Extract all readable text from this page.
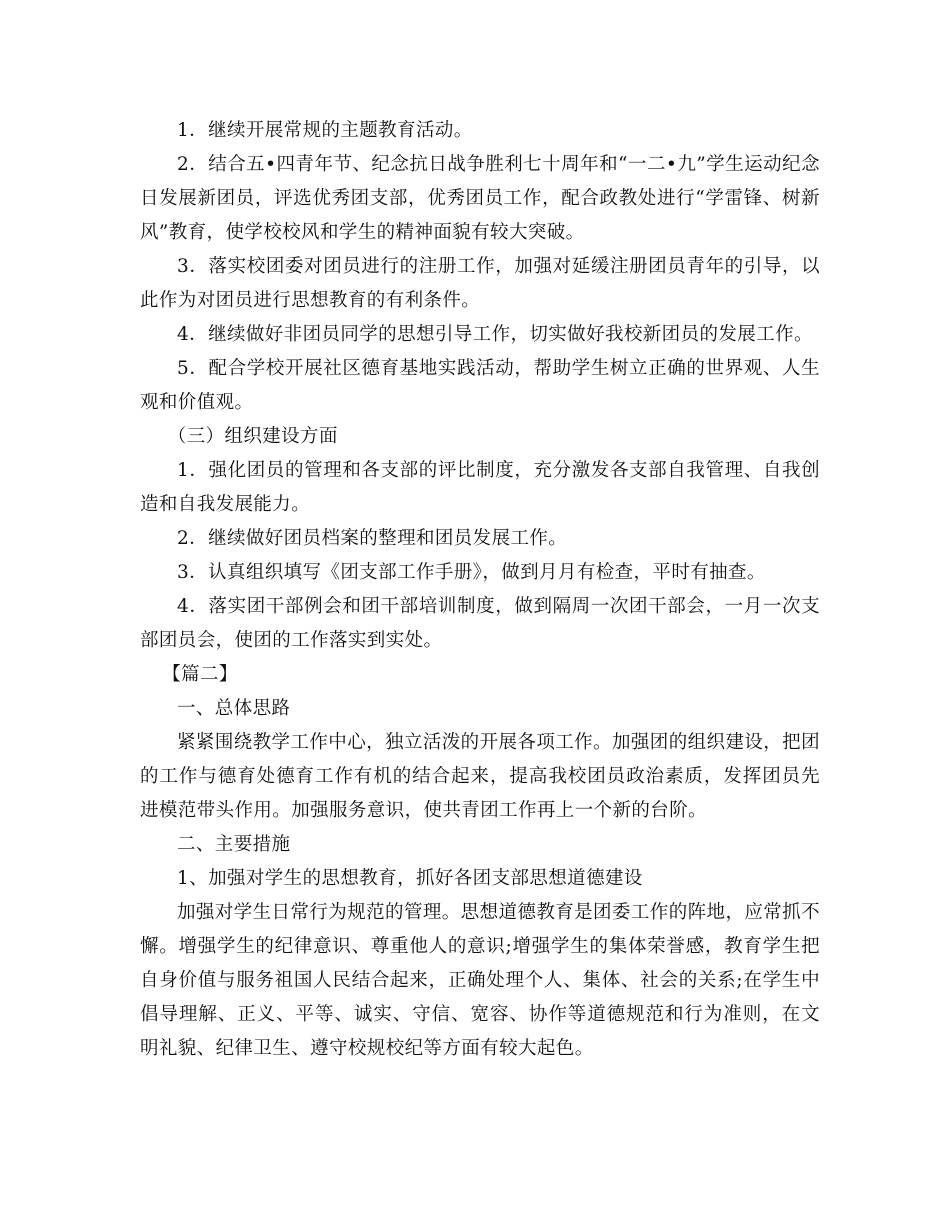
1．继续开展常规的主题教育活动。

2．结合五•四青年节、纪念抗日战争胜利七十周年和“一二•九”学生运动纪念日发展新团员，评选优秀团支部，优秀团员工作，配合政教处进行“学雷锋、树新风”教育，使学校校风和学生的精神面貌有较大突破。

3．落实校团委对团员进行的注册工作，加强对延缓注册团员青年的引导，以此作为对团员进行思想教育的有利条件。

4．继续做好非团员同学的思想引导工作，切实做好我校新团员的发展工作。

5．配合学校开展社区德育基地实践活动，帮助学生树立正确的世界观、人生观和价值观。

（三）组织建设方面

1．强化团员的管理和各支部的评比制度，充分激发各支部自我管理、自我创造和自我发展能力。

2．继续做好团员档案的整理和团员发展工作。

3．认真组织填写《团支部工作手册》，做到月月有检查，平时有抽查。

4．落实团干部例会和团干部培训制度，做到隔周一次团干部会，一月一次支部团员会，使团的工作落实到实处。

【篇二】

一、总体思路

紧紧围绕教学工作中心，独立活泼的开展各项工作。加强团的组织建设，把团的工作与德育处德育工作有机的结合起来，提高我校团员政治素质，发挥团员先进模范带头作用。加强服务意识，使共青团工作再上一个新的台阶。

二、主要措施

1、加强对学生的思想教育，抓好各团支部思想道德建设

加强对学生日常行为规范的管理。思想道德教育是团委工作的阵地，应常抓不懈。增强学生的纪律意识、尊重他人的意识;增强学生的集体荣誉感，教育学生把自身价值与服务祖国人民结合起来，正确处理个人、集体、社会的关系;在学生中倡导理解、正义、平等、诚实、守信、宽容、协作等道德规范和行为准则，在文明礼貌、纪律卫生、遵守校规校纪等方面有较大起色。
